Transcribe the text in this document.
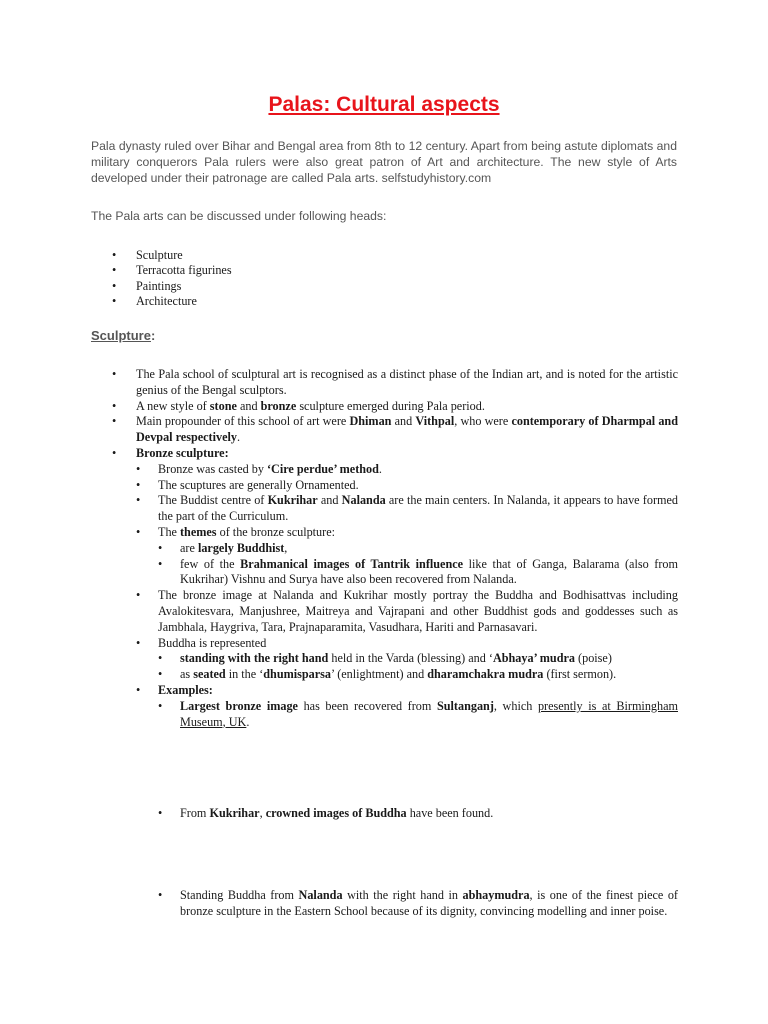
Palas: Cultural aspects

Pala dynasty ruled over Bihar and Bengal area from 8th to 12 century. Apart from being astute diplomats and military conquerors Pala rulers were also great patron of Art and architecture. The new style of Arts developed under their patronage are called Pala arts. selfstudyhistory.com

The Pala arts can be discussed under following heads:

• Sculpture
• Terracotta figurines
• Paintings
• Architecture

Sculpture:

• The Pala school of sculptural art is recognised as a distinct phase of the Indian art, and is noted for the artistic genius of the Bengal sculptors.
• A new style of stone and bronze sculpture emerged during Pala period.
• Main propounder of this school of art were Dhiman and Vithpal, who were contemporary of Dharmpal and Devpal respectively.
• Bronze sculpture:
• Bronze was casted by ‘Cire perdue’ method.
• The scuptures are generally Ornamented.
• The Buddist centre of Kukrihar and Nalanda are the main centers. In Nalanda, it appears to have formed the part of the Curriculum.
• The themes of the bronze sculpture:
• are largely Buddhist,
• few of the Brahmanical images of Tantrik influence like that of Ganga, Balarama (also from Kukrihar) Vishnu and Surya have also been recovered from Nalanda.
• The bronze image at Nalanda and Kukrihar mostly portray the Buddha and Bodhisattvas including Avalokitesvara, Manjushree, Maitreya and Vajrapani and other Buddhist gods and goddesses such as Jambhala, Haygriva, Tara, Prajnaparamita, Vasudhara, Hariti and Parnasavari.
• Buddha is represented
• standing with the right hand held in the Varda (blessing) and ‘Abhaya’ mudra (poise)
• as seated in the ‘dhumisparsa’ (enlightment) and dharamchakra mudra (first sermon).
• Examples:
• Largest bronze image has been recovered from Sultanganj, which presently is at Birmingham Museum, UK.
• From Kukrihar, crowned images of Buddha have been found.
• Standing Buddha from Nalanda with the right hand in abhaymudra, is one of the finest piece of bronze sculpture in the Eastern School because of its dignity, convincing modelling and inner poise.
